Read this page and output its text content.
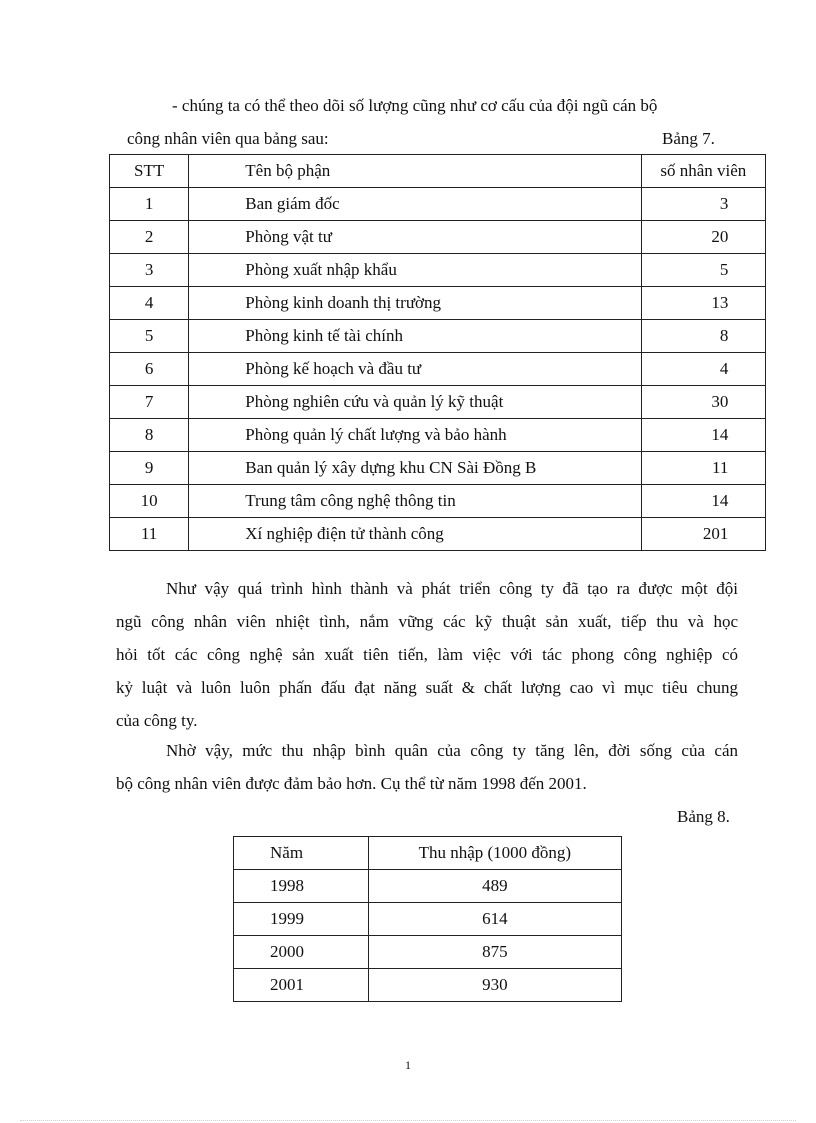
- chúng ta có thể theo dõi số lượng cũng như cơ cấu của đội ngũ cán bộ
công nhân viên qua bảng sau:	Bảng 7.
STT	Tên bộ phận	số nhân viên
1	Ban giám đốc	3
2	Phòng vật tư	20
3	Phòng xuất nhập khẩu	5
4	Phòng kinh doanh thị trường	13
5	Phòng kinh tế tài chính	8
6	Phòng kế hoạch và đầu tư	4
7	Phòng nghiên cứu và quản lý kỹ thuật	30
8	Phòng quản lý chất lượng và bảo hành	14
9	Ban quản lý xây dựng khu CN Sài Đồng B	11
10	Trung tâm công nghệ thông tin	14
11	Xí nghiệp điện tử thành công	201
Như vậy quá trình hình thành và phát triển công ty đã tạo ra được một đội
ngũ công nhân viên nhiệt tình, nắm vững các kỹ thuật sản xuất, tiếp thu và học
hỏi tốt các công nghệ sản xuất tiên tiến, làm việc với tác phong công nghiệp có
kỷ luật và luôn luôn phấn đấu đạt năng suất & chất lượng cao vì mục tiêu chung
của công ty.
Nhờ vậy, mức thu nhập bình quân của công ty tăng lên, đời sống của cán
bộ công nhân viên được đảm bảo hơn. Cụ thể từ năm 1998 đến 2001.
Bảng 8.
Năm	Thu nhập (1000 đồng)
1998	489
1999	614
2000	875
2001	930
1
